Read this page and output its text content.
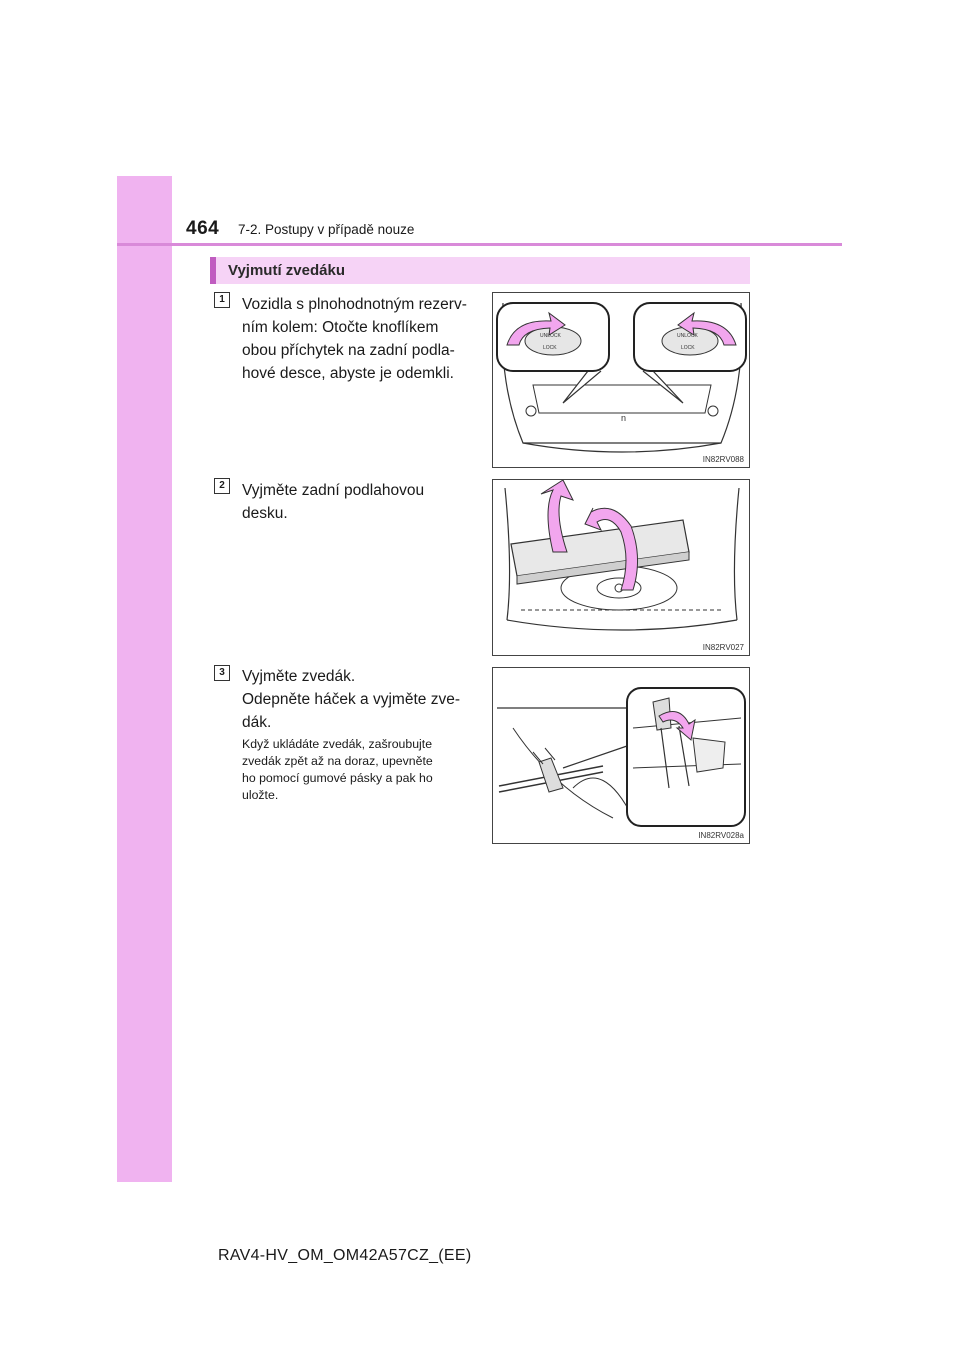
464 7-2. Postupy v případě nouze
Vyjmutí zvedáku
1	Vozidla s plnohodnotným rezerv-
ním kolem: Otočte knoflíkem
obou příchytek na zadní podla-
hové desce, abyste je odemkli.
n
UNLOCK
LOCK
UNLOCK
LOCK
IN82RV088
2	Vyjměte zadní podlahovou
desku.
IN82RV027
3	Vyjměte zvedák.
Odepněte háček a vyjměte zve-
dák.
Když ukládáte zvedák, zašroubujte
zvedák zpět až na doraz, upevněte
ho pomocí gumové pásky a pak ho
uložte.
IN82RV028a
RAV4-HV_OM_OM42A57CZ_(EE)
